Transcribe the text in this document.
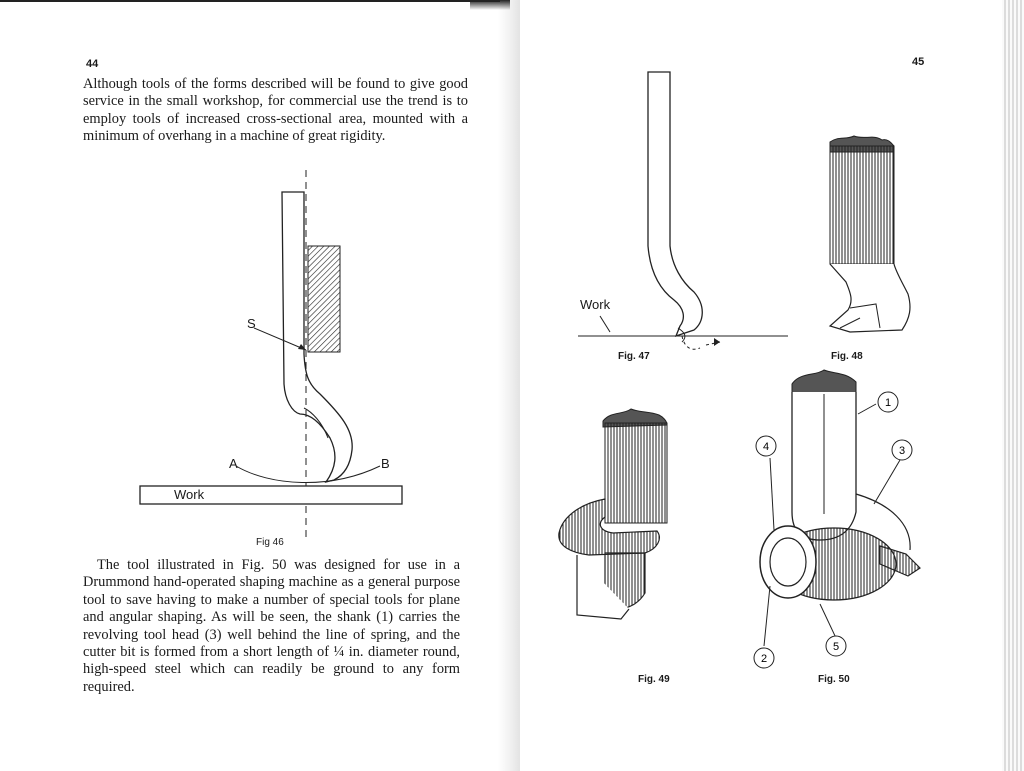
44

Although tools of the forms described will be found to give good service in the small workshop, for commercial use the trend is to employ tools of increased cross-sectional area, mounted with a minimum of overhang in a machine of great rigidity.

S
A	B
Work
Fig 46

The tool illustrated in Fig. 50 was designed for use in a Drummond hand-operated shaping machine as a general purpose tool to save having to make a number of special tools for plane and angular shaping. As will be seen, the shank (1) carries the revolving tool head (3) well behind the line of spring, and the cutter bit is formed from a short length of ¼ in. diameter round, high-speed steel which can readily be ground to any form required.

45
Work
Fig. 47	Fig. 48
Fig. 49
1
2
3
4
5
Fig. 50
